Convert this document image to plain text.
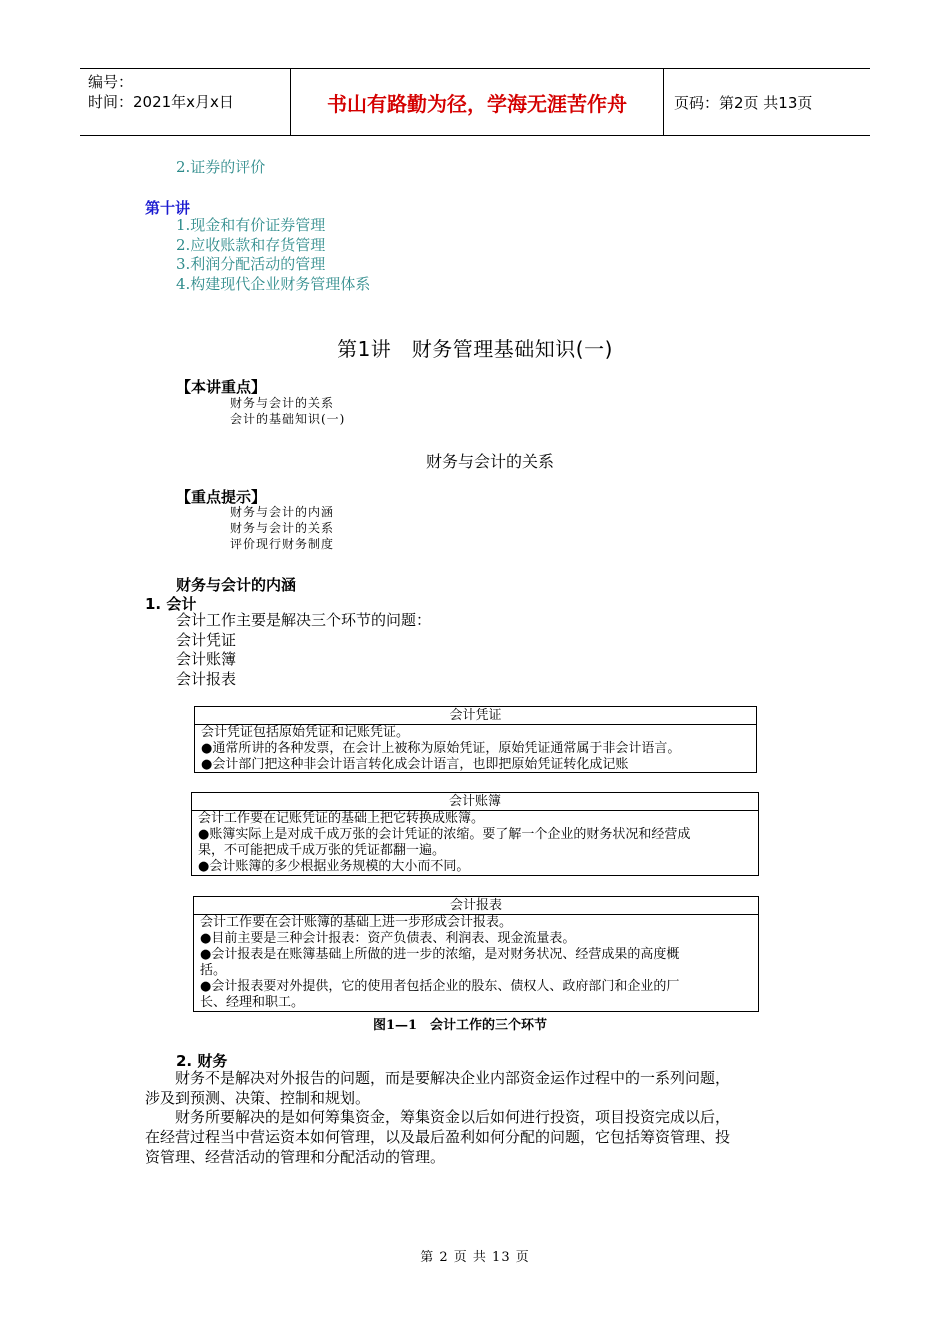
编号：
时间：2021年x月x日	书山有路勤为径，学海无涯苦作舟	页码：第2页 共13页
2.证券的评价
第十讲
1.现金和有价证券管理
2.应收账款和存货管理
3.利润分配活动的管理
4.构建现代企业财务管理体系
第1讲　财务管理基础知识(一)
【本讲重点】
财务与会计的关系
会计的基础知识(一)
财务与会计的关系
【重点提示】
财务与会计的内涵
财务与会计的关系
评价现行财务制度
财务与会计的内涵
1. 会计
会计工作主要是解决三个环节的问题：
会计凭证
会计账簿
会计报表
会计凭证
会计凭证包括原始凭证和记账凭证。
●通常所讲的各种发票，在会计上被称为原始凭证，原始凭证通常属于非会计语言。
●会计部门把这种非会计语言转化成会计语言，也即把原始凭证转化成记账
会计账簿
会计工作要在记账凭证的基础上把它转换成账簿。
●账簿实际上是对成千成万张的会计凭证的浓缩。要了解一个企业的财务状况和经营成
果，不可能把成千成万张的凭证都翻一遍。
●会计账簿的多少根据业务规模的大小而不同。
会计报表
会计工作要在会计账簿的基础上进一步形成会计报表。
●目前主要是三种会计报表：资产负债表、利润表、现金流量表。
●会计报表是在账簿基础上所做的进一步的浓缩，是对财务状况、经营成果的高度概
括。
●会计报表要对外提供，它的使用者包括企业的股东、债权人、政府部门和企业的厂
长、经理和职工。
图1—1　会计工作的三个环节
2. 财务
　　财务不是解决对外报告的问题，而是要解决企业内部资金运作过程中的一系列问题，
涉及到预测、决策、控制和规划。
　　财务所要解决的是如何筹集资金，筹集资金以后如何进行投资，项目投资完成以后，
在经营过程当中营运资本如何管理，以及最后盈利如何分配的问题，它包括筹资管理、投
资管理、经营活动的管理和分配活动的管理。
第 2 页 共 13 页
